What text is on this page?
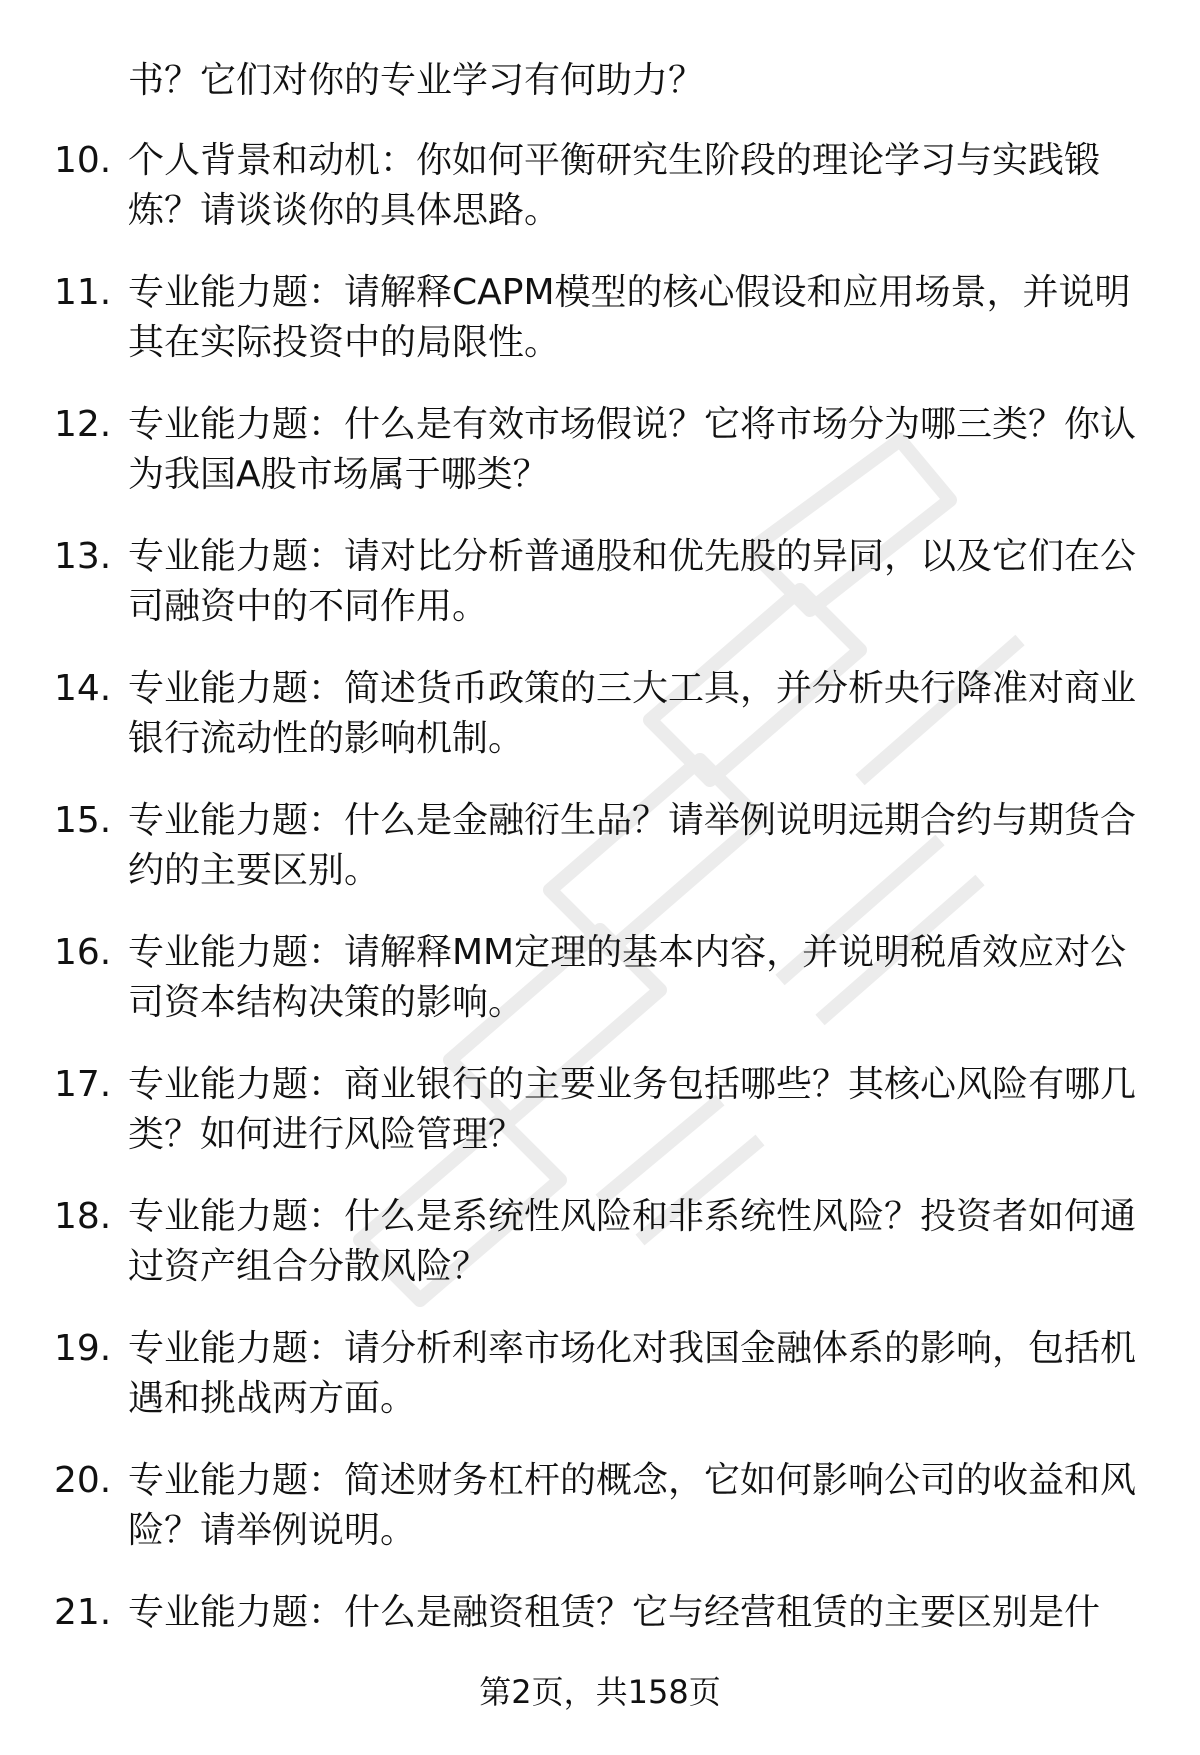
书？它们对你的专业学习有何助力？

10. 个人背景和动机：你如何平衡研究生阶段的理论学习与实践锻炼？请谈谈你的具体思路。

11. 专业能力题：请解释CAPM模型的核心假设和应用场景，并说明其在实际投资中的局限性。

12. 专业能力题：什么是有效市场假说？它将市场分为哪三类？你认为我国A股市场属于哪类？

13. 专业能力题：请对比分析普通股和优先股的异同，以及它们在公司融资中的不同作用。

14. 专业能力题：简述货币政策的三大工具，并分析央行降准对商业银行流动性的影响机制。

15. 专业能力题：什么是金融衍生品？请举例说明远期合约与期货合约的主要区别。

16. 专业能力题：请解释MM定理的基本内容，并说明税盾效应对公司资本结构决策的影响。

17. 专业能力题：商业银行的主要业务包括哪些？其核心风险有哪几类？如何进行风险管理？

18. 专业能力题：什么是系统性风险和非系统性风险？投资者如何通过资产组合分散风险？

19. 专业能力题：请分析利率市场化对我国金融体系的影响，包括机遇和挑战两方面。

20. 专业能力题：简述财务杠杆的概念，它如何影响公司的收益和风险？请举例说明。

21. 专业能力题：什么是融资租赁？它与经营租赁的主要区别是什

第2页，共158页
